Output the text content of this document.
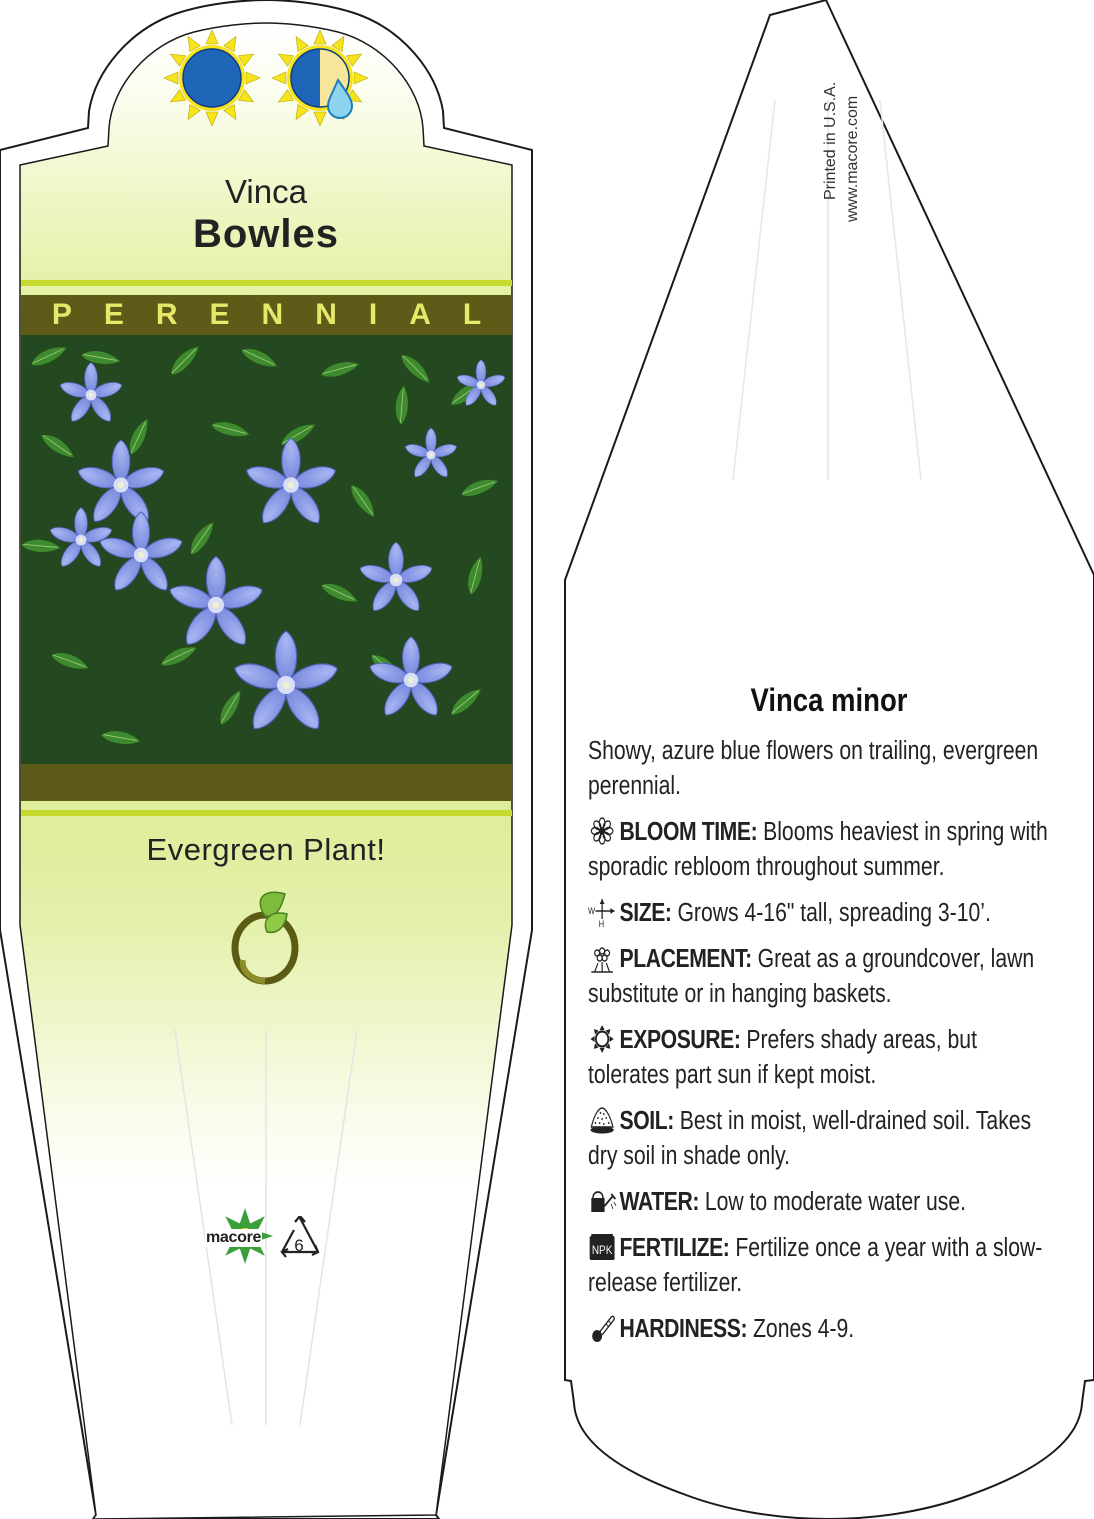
Vinca

Bowles

PERENNIAL

Evergreen Plant!

macore	6
Printed in U.S.A. www.macore.com

Vinca minor

Showy, azure blue flowers on trailing, evergreen perennial.

BLOOM TIME: Blooms heaviest in spring with sporadic rebloom throughout summer.

W
H SIZE: Grows 4-16" tall, spreading 3-10’.

PLACEMENT: Great as a groundcover, lawn substitute or in hanging baskets.

EXPOSURE: Prefers shady areas, but tolerates part sun if kept moist.

SOIL: Best in moist, well-drained soil. Takes dry soil in shade only.

WATER: Low to moderate water use.

NPK FERTILIZE: Fertilize once a year with a slow-release fertilizer.

HARDINESS: Zones 4-9.
